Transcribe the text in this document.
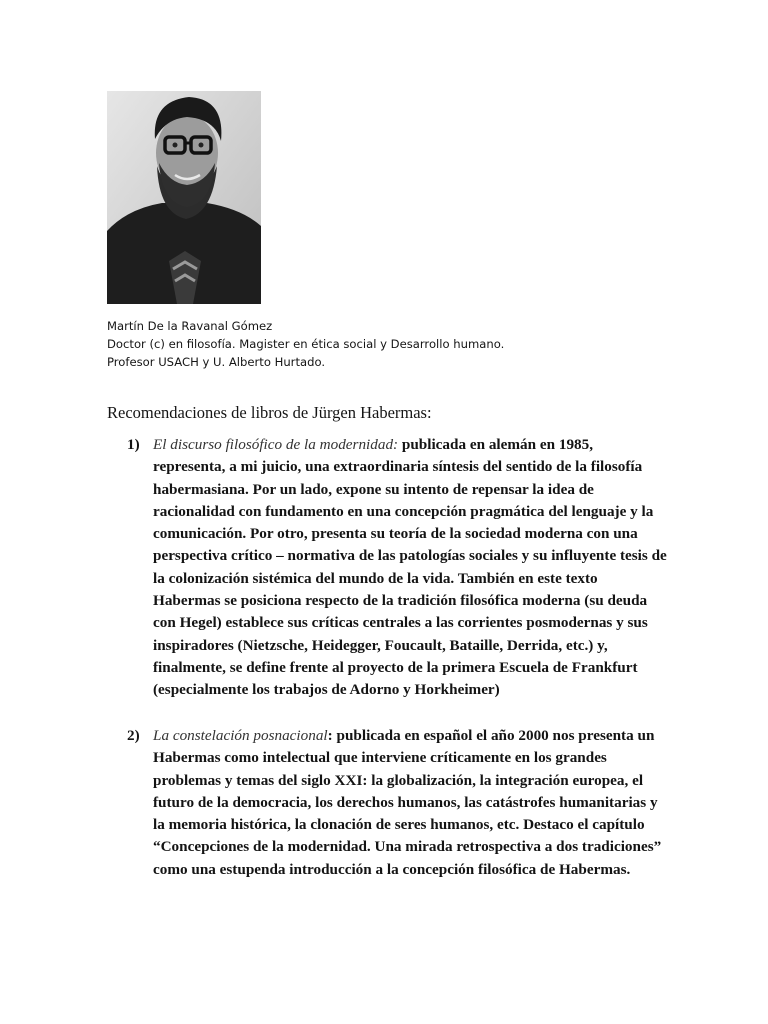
Martín De la Ravanal Gómez
Doctor (c) en filosofía. Magister en ética social y Desarrollo humano.
Profesor USACH y U. Alberto Hurtado.
Recomendaciones de libros de Jürgen Habermas:
1) El discurso filosófico de la modernidad: publicada en alemán en 1985, representa, a mi juicio, una extraordinaria síntesis del sentido de la filosofía habermasiana. Por un lado, expone su intento de repensar la idea de racionalidad con fundamento en una concepción pragmática del lenguaje y la comunicación. Por otro, presenta su teoría de la sociedad moderna con una perspectiva crítico – normativa de las patologías sociales y su influyente tesis de la colonización sistémica del mundo de la vida. También en este texto Habermas se posiciona respecto de la tradición filosófica moderna (su deuda con Hegel) establece sus críticas centrales a las corrientes posmodernas y sus inspiradores (Nietzsche, Heidegger, Foucault, Bataille, Derrida, etc.) y, finalmente, se define frente al proyecto de la primera Escuela de Frankfurt (especialmente los trabajos de Adorno y Horkheimer)
2) La constelación posnacional: publicada en español el año 2000 nos presenta un Habermas como intelectual que interviene críticamente en los grandes problemas y temas del siglo XXI: la globalización, la integración europea, el futuro de la democracia, los derechos humanos, las catástrofes humanitarias y la memoria histórica, la clonación de seres humanos, etc. Destaco el capítulo “Concepciones de la modernidad. Una mirada retrospectiva a dos tradiciones” como una estupenda introducción a la concepción filosófica de Habermas.
